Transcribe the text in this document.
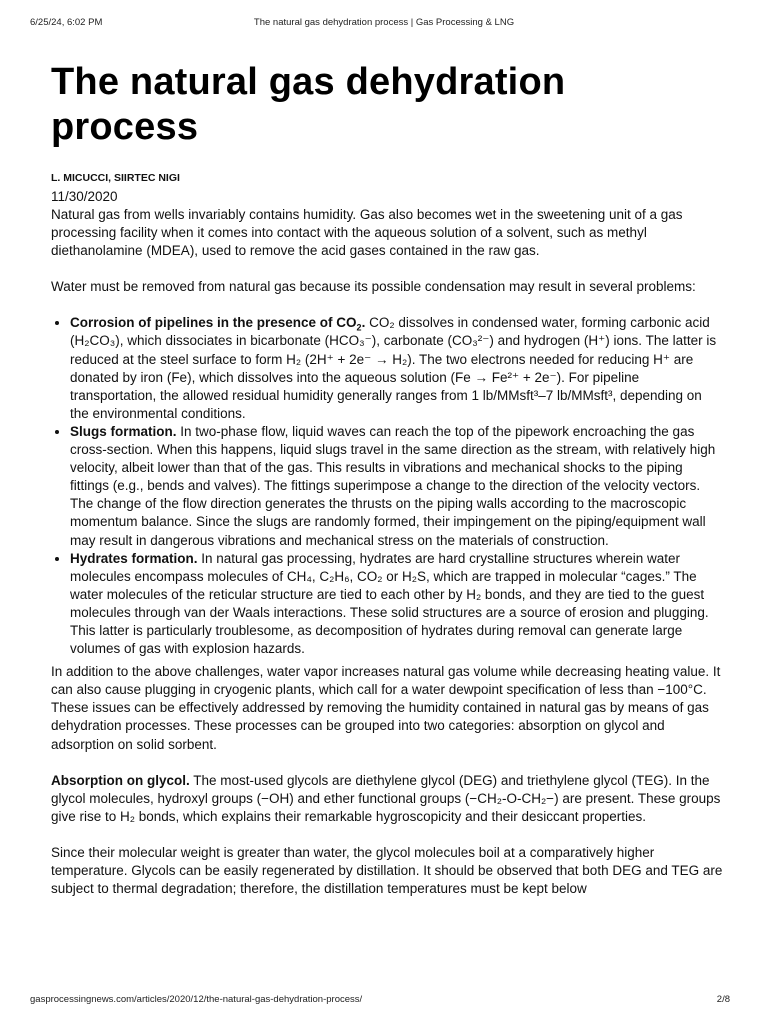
6/25/24, 6:02 PM	The natural gas dehydration process | Gas Processing & LNG
The natural gas dehydration process
L. MICUCCI, SIIRTEC NIGI
11/30/2020

Natural gas from wells invariably contains humidity. Gas also becomes wet in the sweetening unit of a gas processing facility when it comes into contact with the aqueous solution of a solvent, such as methyl diethanolamine (MDEA), used to remove the acid gases contained in the raw gas.

Water must be removed from natural gas because its possible condensation may result in several problems:

• Corrosion of pipelines in the presence of $CO_2$. CO₂ dissolves in condensed water, forming carbonic acid (H₂CO₃), which dissociates in bicarbonate (HCO₃⁻), carbonate (CO₃²⁻) and hydrogen (H⁺) ions. The latter is reduced at the steel surface to form H₂ (2H⁺ + 2e⁻ → H₂). The two electrons needed for reducing H⁺ are donated by iron (Fe), which dissolves into the aqueous solution (Fe → Fe²⁺ + 2e⁻). For pipeline transportation, the allowed residual humidity generally ranges from 1 lb/MMsft³–7 lb/MMsft³, depending on the environmental conditions.
• Slugs formation. In two-phase flow, liquid waves can reach the top of the pipework encroaching the gas cross-section. When this happens, liquid slugs travel in the same direction as the stream, with relatively high velocity, albeit lower than that of the gas. This results in vibrations and mechanical shocks to the piping fittings (e.g., bends and valves). The fittings superimpose a change to the direction of the velocity vectors. The change of the flow direction generates the thrusts on the piping walls according to the macroscopic momentum balance. Since the slugs are randomly formed, their impingement on the piping/equipment wall may result in dangerous vibrations and mechanical stress on the materials of construction.
• Hydrates formation. In natural gas processing, hydrates are hard crystalline structures wherein water molecules encompass molecules of CH₄, C₂H₆, CO₂ or H₂S, which are trapped in molecular “cages.” The water molecules of the reticular structure are tied to each other by H₂ bonds, and they are tied to the guest molecules through van der Waals interactions. These solid structures are a source of erosion and plugging. This latter is particularly troublesome, as decomposition of hydrates during removal can generate large volumes of gas with explosion hazards.

In addition to the above challenges, water vapor increases natural gas volume while decreasing heating value. It can also cause plugging in cryogenic plants, which call for a water dewpoint specification of less than −100°C. These issues can be effectively addressed by removing the humidity contained in natural gas by means of gas dehydration processes. These processes can be grouped into two categories: absorption on glycol and adsorption on solid sorbent.

Absorption on glycol. The most-used glycols are diethylene glycol (DEG) and triethylene glycol (TEG). In the glycol molecules, hydroxyl groups (−OH) and ether functional groups (−CH₂-O-CH₂−) are present. These groups give rise to H₂ bonds, which explains their remarkable hygroscopicity and their desiccant properties.

Since their molecular weight is greater than water, the glycol molecules boil at a comparatively higher temperature. Glycols can be easily regenerated by distillation. It should be observed that both DEG and TEG are subject to thermal degradation; therefore, the distillation temperatures must be kept below

gasprocessingnews.com/articles/2020/12/the-natural-gas-dehydration-process/	2/8
